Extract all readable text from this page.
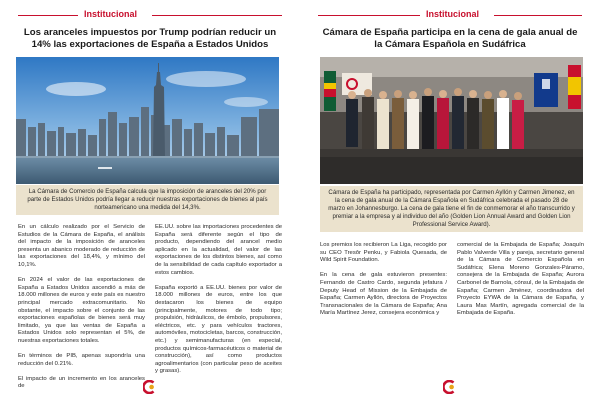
Institucional
Los aranceles impuestos por Trump podrían reducir un 14% las exportaciones de España a Estados Unidos
La Cámara de Comercio de España calcula que la imposición de aranceles del 20% por parte de Estados Unidos podría llegar a reducir nuestras exportaciones de bienes al país norteamericano una medida del 14,3%.

En un cálculo realizado por el Servicio de Estudios de la Cámara de España, el análisis del impacto de la imposición de aranceles presenta un abanico moderado de reducción de las exportaciones del 18,4%, y mínimo del 10,1%.

En 2024 el valor de las exportaciones de España a Estados Unidos ascendió a más de 18.000 millones de euros y este país es nuestro principal mercado extracomunitario. No obstante, el impacto sobre el conjunto de las exportaciones españolas de bienes será muy limitado, ya que las ventas de España a Estados Unidos solo representan el 5%, de nuestras exportaciones totales.

En términos de PIB, apenas supondría una reducción del 0.21%.

El impacto de un incremento en los aranceles de

EE.UU. sobre las importaciones procedentes de España será diferente según el tipo de producto, dependiendo del arancel medio aplicado en la actualidad, del valor de las exportaciones de los distintos bienes, así como de la sensibilidad de cada capítulo exportador a estos cambios.

España exportó a EE.UU. bienes por valor de 18.000 millones de euros, entre los que destacaron los bienes de equipo (principalmente, motores de todo tipo; propulsión, hidráulicos, de émbolo, propulsores, eléctricos, etc. y para vehículos tractores, automóviles, motocicletas, barcos, construcción, etc.) y semimanufacturas (en especial, productos químicos-farmacéuticos o material de construcción), así como productos agroalimentarios (con particular peso de aceites y grasas).

Institucional
Cámara de España participa en la cena de gala anual de la Cámara Española en Sudáfrica
Cámara de España ha participado, representada por Carmen Ayllón y Carmen Jimenez, en la cena de gala anual de la Cámara Española en Sudáfrica celebrada el pasado 28 de marzo en Johannesburgo. La cena de gala tiene el fin de conmemorar el año transcurrido y premiar a la empresa y al individuo del año (Golden Lion Annual Award and Golden Lion Professional Service Award).

Los premios los recibieron La Liga, recogido por su CEO Tresôr Penku, y Fabiola Quesada, de Wild Spirit Foundation.

En la cena de gala estuvieron presentes: Fernando de Castro Cardo, segunda jefatura / Deputy Head of Mission de la Embajada de España; Carmen Ayllón, directora de Proyectos Transnacionales de la Cámara de España; Ana María Martínez Jerez, consejera económica y

comercial de la Embajada de España; Joaquín Pablo Valverde Villa y pareja, secretario general de la Cámara de Comercio Española en Sudáfrica; Elena Moreno Gonzales-Páramo, consejera de la Embajada de España; Aurora Carbonel de Barnola, cónsul, de la Embajada de España; Carmen Jiménez, coordinadora del Proyecto EYWA de la Cámara de España, y Laura Mas Martín, agregada comercial de la Embajada de España.
